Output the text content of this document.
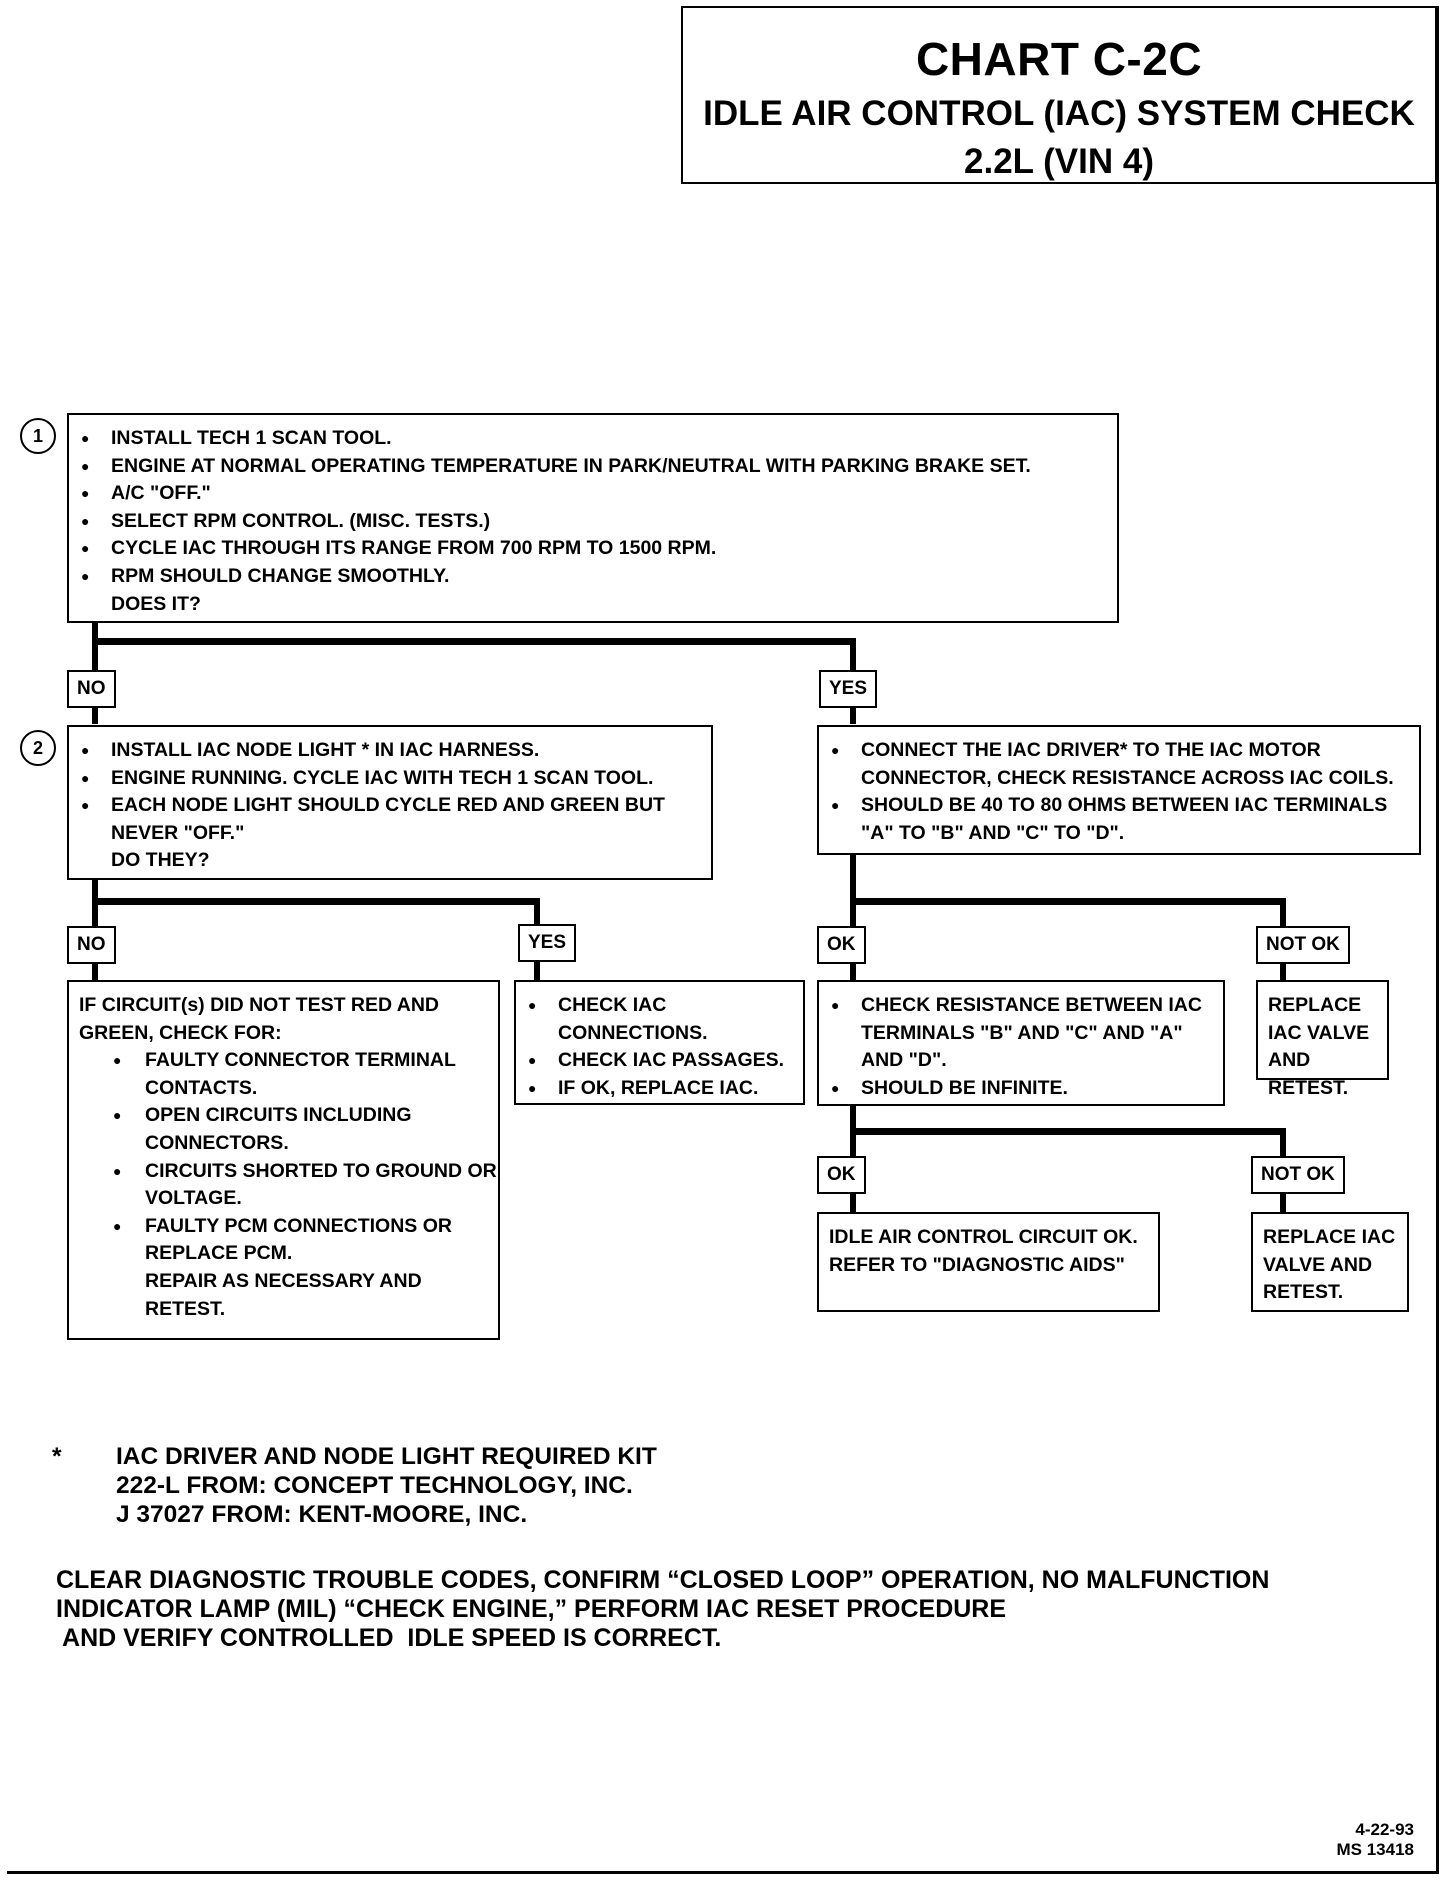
CHART C-2C
IDLE AIR CONTROL (IAC) SYSTEM CHECK
2.2L (VIN 4)
1
2
● INSTALL TECH 1 SCAN TOOL.
● ENGINE AT NORMAL OPERATING TEMPERATURE IN PARK/NEUTRAL WITH PARKING BRAKE SET.
● A/C "OFF."
● SELECT RPM CONTROL. (MISC. TESTS.)
● CYCLE IAC THROUGH ITS RANGE FROM 700 RPM TO 1500 RPM.
● RPM SHOULD CHANGE SMOOTHLY.
DOES IT?
NO	YES
● INSTALL IAC NODE LIGHT * IN IAC HARNESS.
● ENGINE RUNNING. CYCLE IAC WITH TECH 1 SCAN TOOL.
● EACH NODE LIGHT SHOULD CYCLE RED AND GREEN BUT NEVER "OFF."
DO THEY?
● CONNECT THE IAC DRIVER* TO THE IAC MOTOR CONNECTOR, CHECK RESISTANCE ACROSS IAC COILS.
● SHOULD BE 40 TO 80 OHMS BETWEEN IAC TERMINALS "A" TO "B" AND "C" TO "D".
NO	YES	OK	NOT OK
IF CIRCUIT(s) DID NOT TEST RED AND GREEN, CHECK FOR:
● FAULTY CONNECTOR TERMINAL CONTACTS.
● OPEN CIRCUITS INCLUDING CONNECTORS.
● CIRCUITS SHORTED TO GROUND OR VOLTAGE.
● FAULTY PCM CONNECTIONS OR REPLACE PCM.
REPAIR AS NECESSARY AND RETEST.
● CHECK IAC CONNECTIONS.
● CHECK IAC PASSAGES.
● IF OK, REPLACE IAC.
● CHECK RESISTANCE BETWEEN IAC TERMINALS "B" AND "C" AND "A" AND "D".
● SHOULD BE INFINITE.
REPLACE IAC VALVE AND RETEST.
OK	NOT OK
IDLE AIR CONTROL CIRCUIT OK. REFER TO "DIAGNOSTIC AIDS"
REPLACE IAC VALVE AND RETEST.
* IAC DRIVER AND NODE LIGHT REQUIRED KIT
222-L FROM: CONCEPT TECHNOLOGY, INC.
J 37027 FROM: KENT-MOORE, INC.
CLEAR DIAGNOSTIC TROUBLE CODES, CONFIRM “CLOSED LOOP” OPERATION, NO MALFUNCTION
INDICATOR LAMP (MIL) “CHECK ENGINE,” PERFORM IAC RESET PROCEDURE
AND VERIFY CONTROLLED  IDLE SPEED IS CORRECT.
4-22-93
MS 13418
